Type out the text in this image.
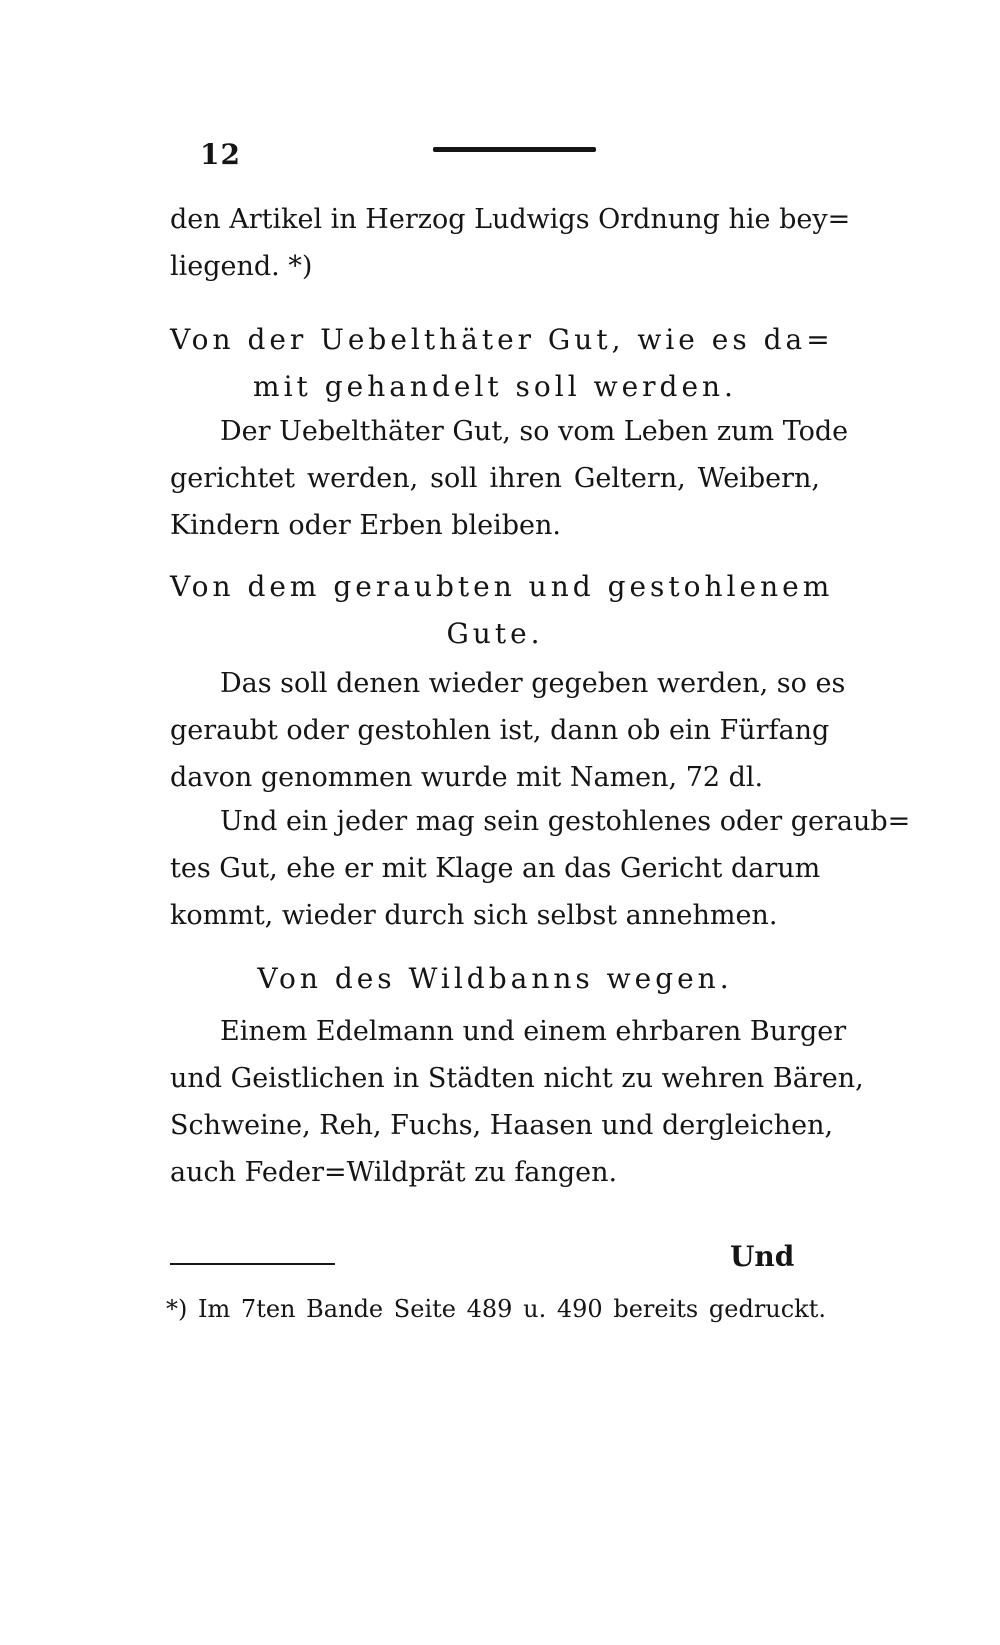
12
den Artikel in Herzog Ludwigs Ordnung hie bey=
liegend. *)
Von der Uebelthäter Gut, wie es da=
mit gehandelt soll werden.
Der Uebelthäter Gut, so vom Leben zum Tode
gerichtet werden, soll ihren Geltern, Weibern,
Kindern oder Erben bleiben.
Von dem geraubten und gestohlenem
Gute.
Das soll denen wieder gegeben werden, so es
geraubt oder gestohlen ist, dann ob ein Fürfang
davon genommen wurde mit Namen, 72 dl.
Und ein jeder mag sein gestohlenes oder geraub=
tes Gut, ehe er mit Klage an das Gericht darum
kommt, wieder durch sich selbst annehmen.
Von des Wildbanns wegen.
Einem Edelmann und einem ehrbaren Burger
und Geistlichen in Städten nicht zu wehren Bären,
Schweine, Reh, Fuchs, Haasen und dergleichen,
auch Feder=Wildprät zu fangen.
Und
*) Im 7ten Bande Seite 489 u. 490 bereits gedruckt.
